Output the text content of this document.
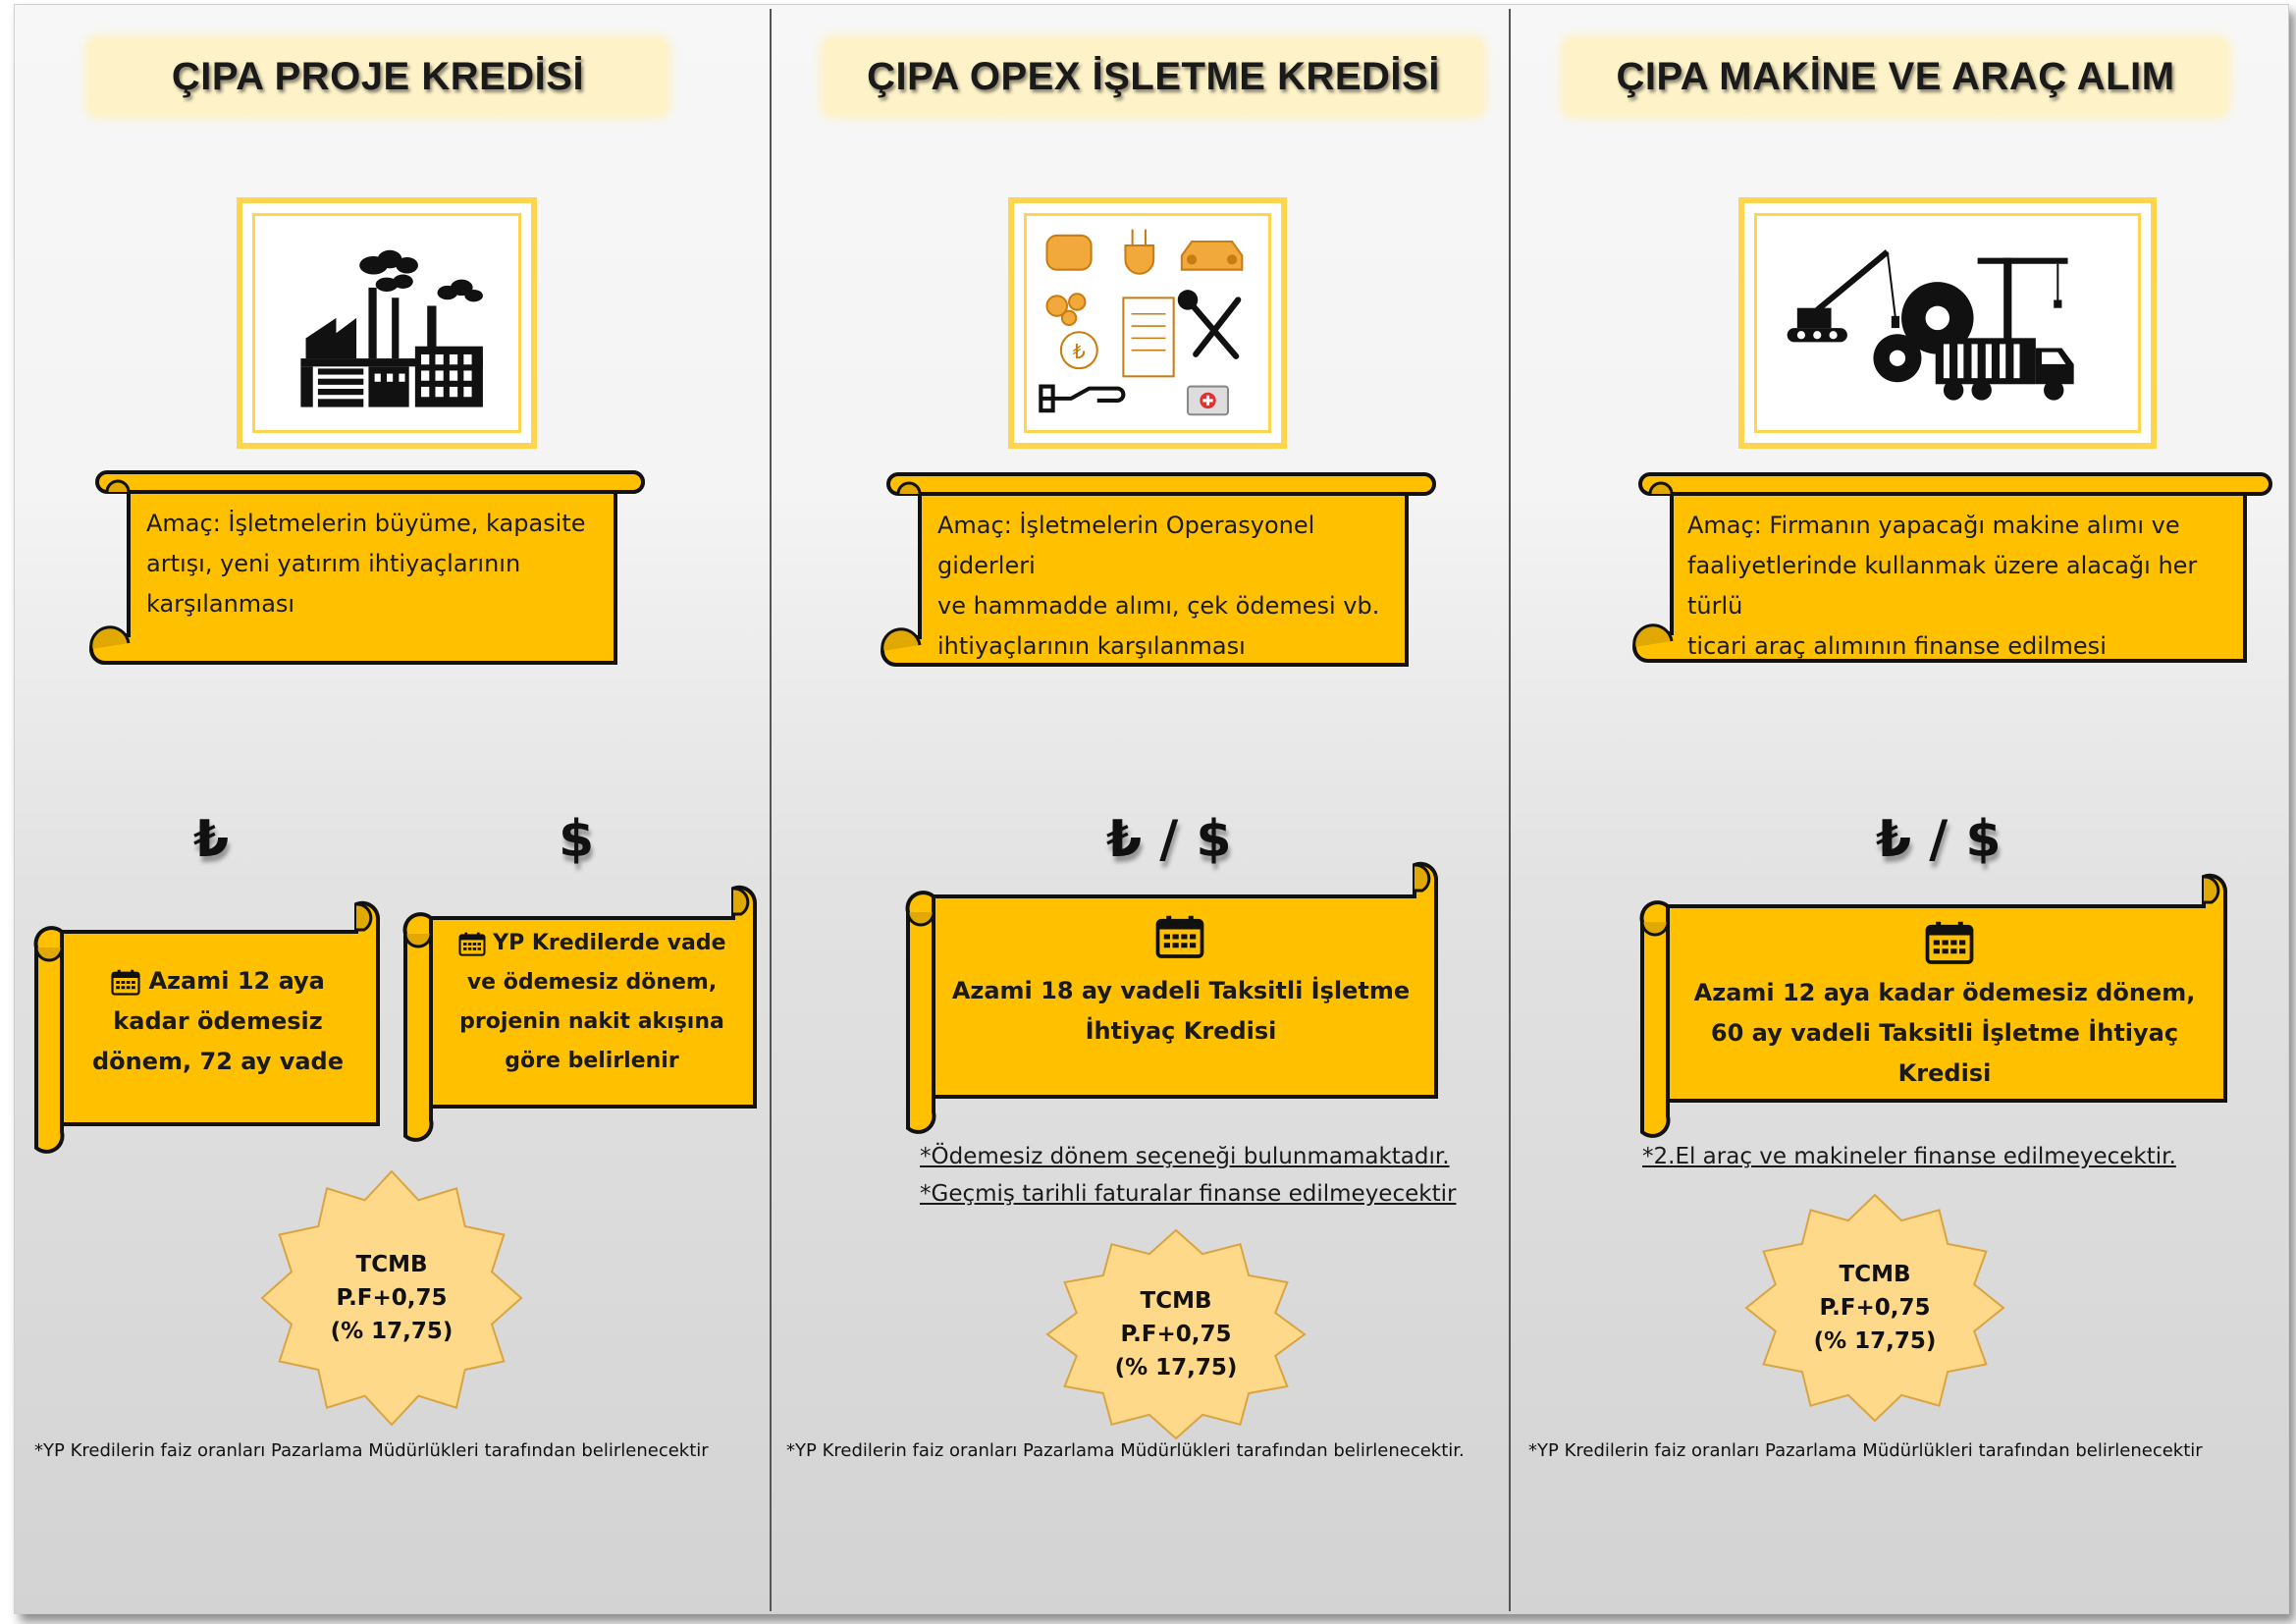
ÇIPA PROJE KREDİSİ
Amaç: İşletmelerin büyüme, kapasite
artışı, yeni yatırım ihtiyaçlarının
karşılanması
₺	$
Azami 12 aya
kadar ödemesiz
dönem, 72 ay vade
YP Kredilerde vade
ve ödemesiz dönem,
projenin nakit akışına
göre belirlenir
TCMB
P.F+0,75
(% 17,75)
*YP Kredilerin faiz oranları Pazarlama Müdürlükleri tarafından belirlenecektir
ÇIPA OPEX İŞLETME KREDİSİ
₺
Amaç: İşletmelerin Operasyonel giderleri
ve hammadde alımı, çek ödemesi vb.
ihtiyaçlarının karşılanması
₺ / $
Azami 18 ay vadeli Taksitli İşletme
İhtiyaç Kredisi
*Ödemesiz dönem seçeneği bulunmamaktadır.
*Geçmiş tarihli faturalar finanse edilmeyecektir
TCMB
P.F+0,75
(% 17,75)
*YP Kredilerin faiz oranları Pazarlama Müdürlükleri tarafından belirlenecektir.
ÇIPA MAKİNE VE ARAÇ ALIM
Amaç: Firmanın yapacağı makine alımı ve
faaliyetlerinde kullanmak üzere alacağı her türlü
ticari araç alımının finanse edilmesi
₺ / $
Azami 12 aya kadar ödemesiz dönem,
60 ay vadeli Taksitli İşletme İhtiyaç Kredisi
*2.El araç ve makineler finanse edilmeyecektir.
TCMB
P.F+0,75
(% 17,75)
*YP Kredilerin faiz oranları Pazarlama Müdürlükleri tarafından belirlenecektir
